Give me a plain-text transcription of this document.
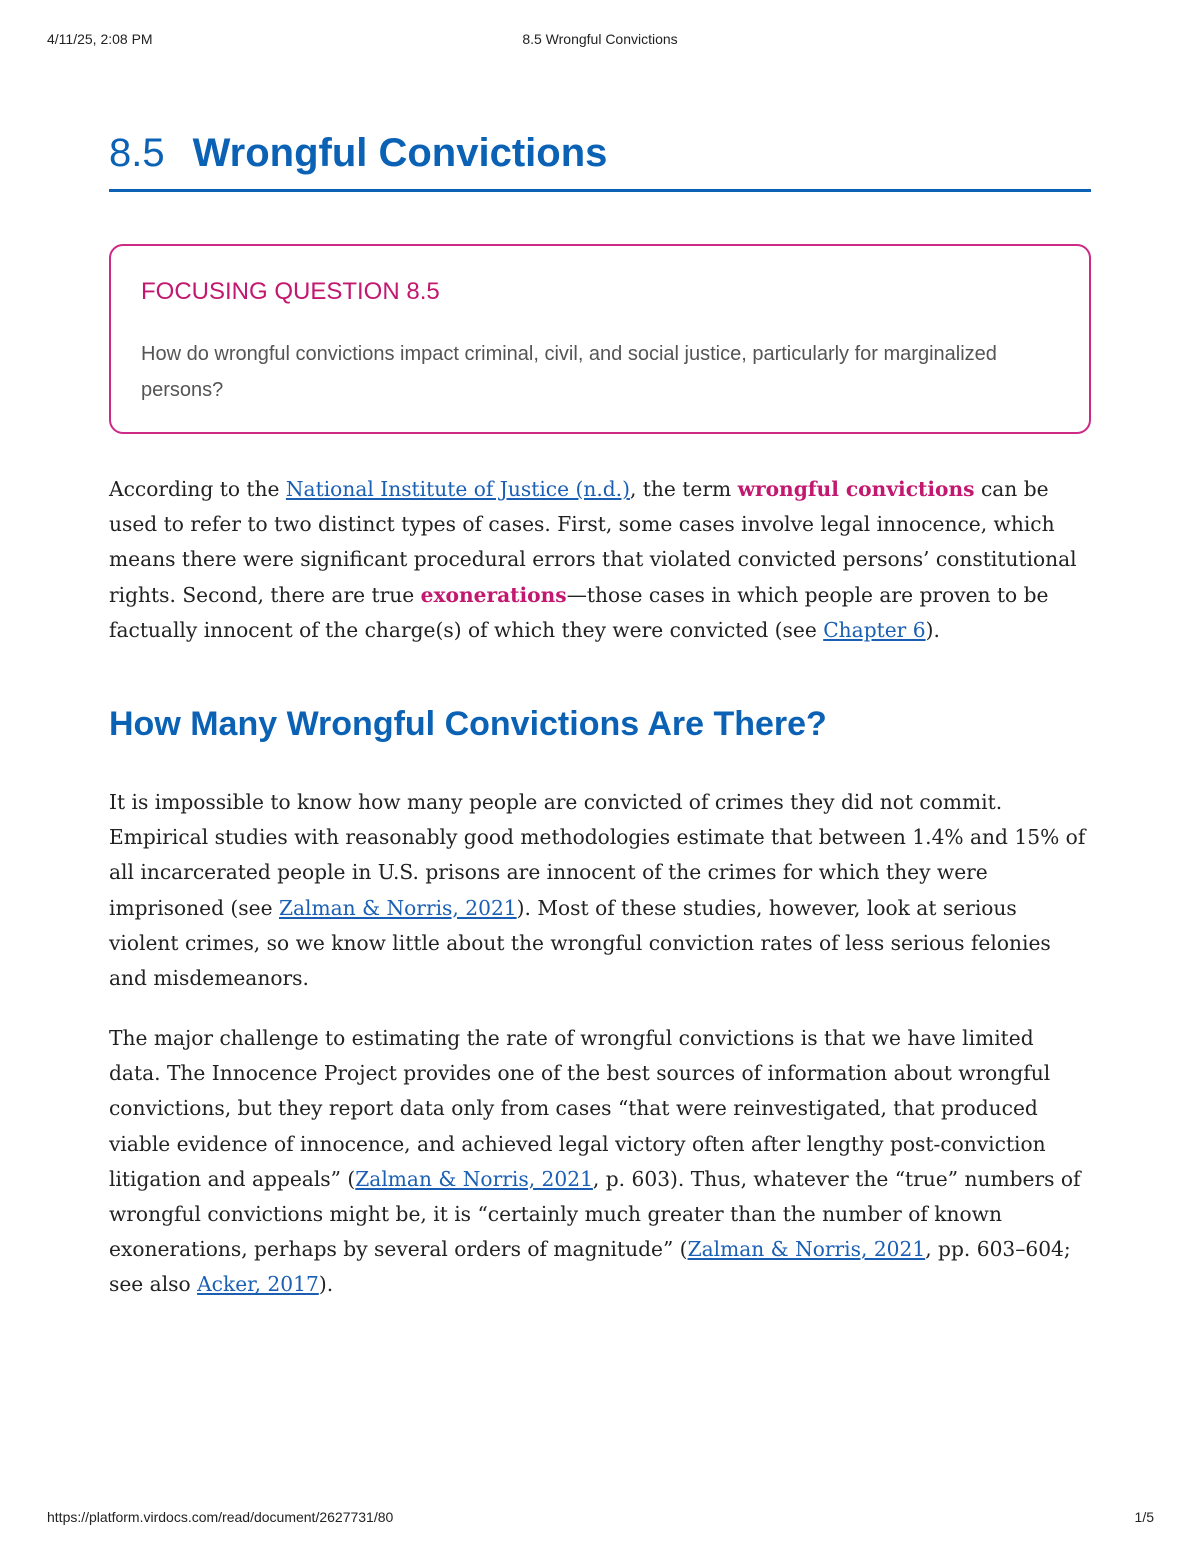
8.5 Wrongful Convictions
4/11/25, 2:08 PM
8.5 Wrongful Convictions
FOCUSING QUESTION 8.5

How do wrongful convictions impact criminal, civil, and social justice, particularly for marginalized persons?

According to the National Institute of Justice (n.d.), the term wrongful convictions can be used to refer to two distinct types of cases. First, some cases involve legal innocence, which means there were significant procedural errors that violated convicted persons’ constitutional rights. Second, there are true exonerations—those cases in which people are proven to be factually innocent of the charge(s) of which they were convicted (see Chapter 6).

How Many Wrongful Convictions Are There?

It is impossible to know how many people are convicted of crimes they did not commit. Empirical studies with reasonably good methodologies estimate that between 1.4% and 15% of all incarcerated people in U.S. prisons are innocent of the crimes for which they were imprisoned (see Zalman & Norris, 2021). Most of these studies, however, look at serious violent crimes, so we know little about the wrongful conviction rates of less serious felonies and misdemeanors.

The major challenge to estimating the rate of wrongful convictions is that we have limited data. The Innocence Project provides one of the best sources of information about wrongful convictions, but they report data only from cases “that were reinvestigated, that produced viable evidence of innocence, and achieved legal victory often after lengthy post-conviction litigation and appeals” (Zalman & Norris, 2021, p. 603). Thus, whatever the “true” numbers of wrongful convictions might be, it is “certainly much greater than the number of known exonerations, perhaps by several orders of magnitude” (Zalman & Norris, 2021, pp. 603–604; see also Acker, 2017).

https://platform.virdocs.com/read/document/2627731/80	1/5
